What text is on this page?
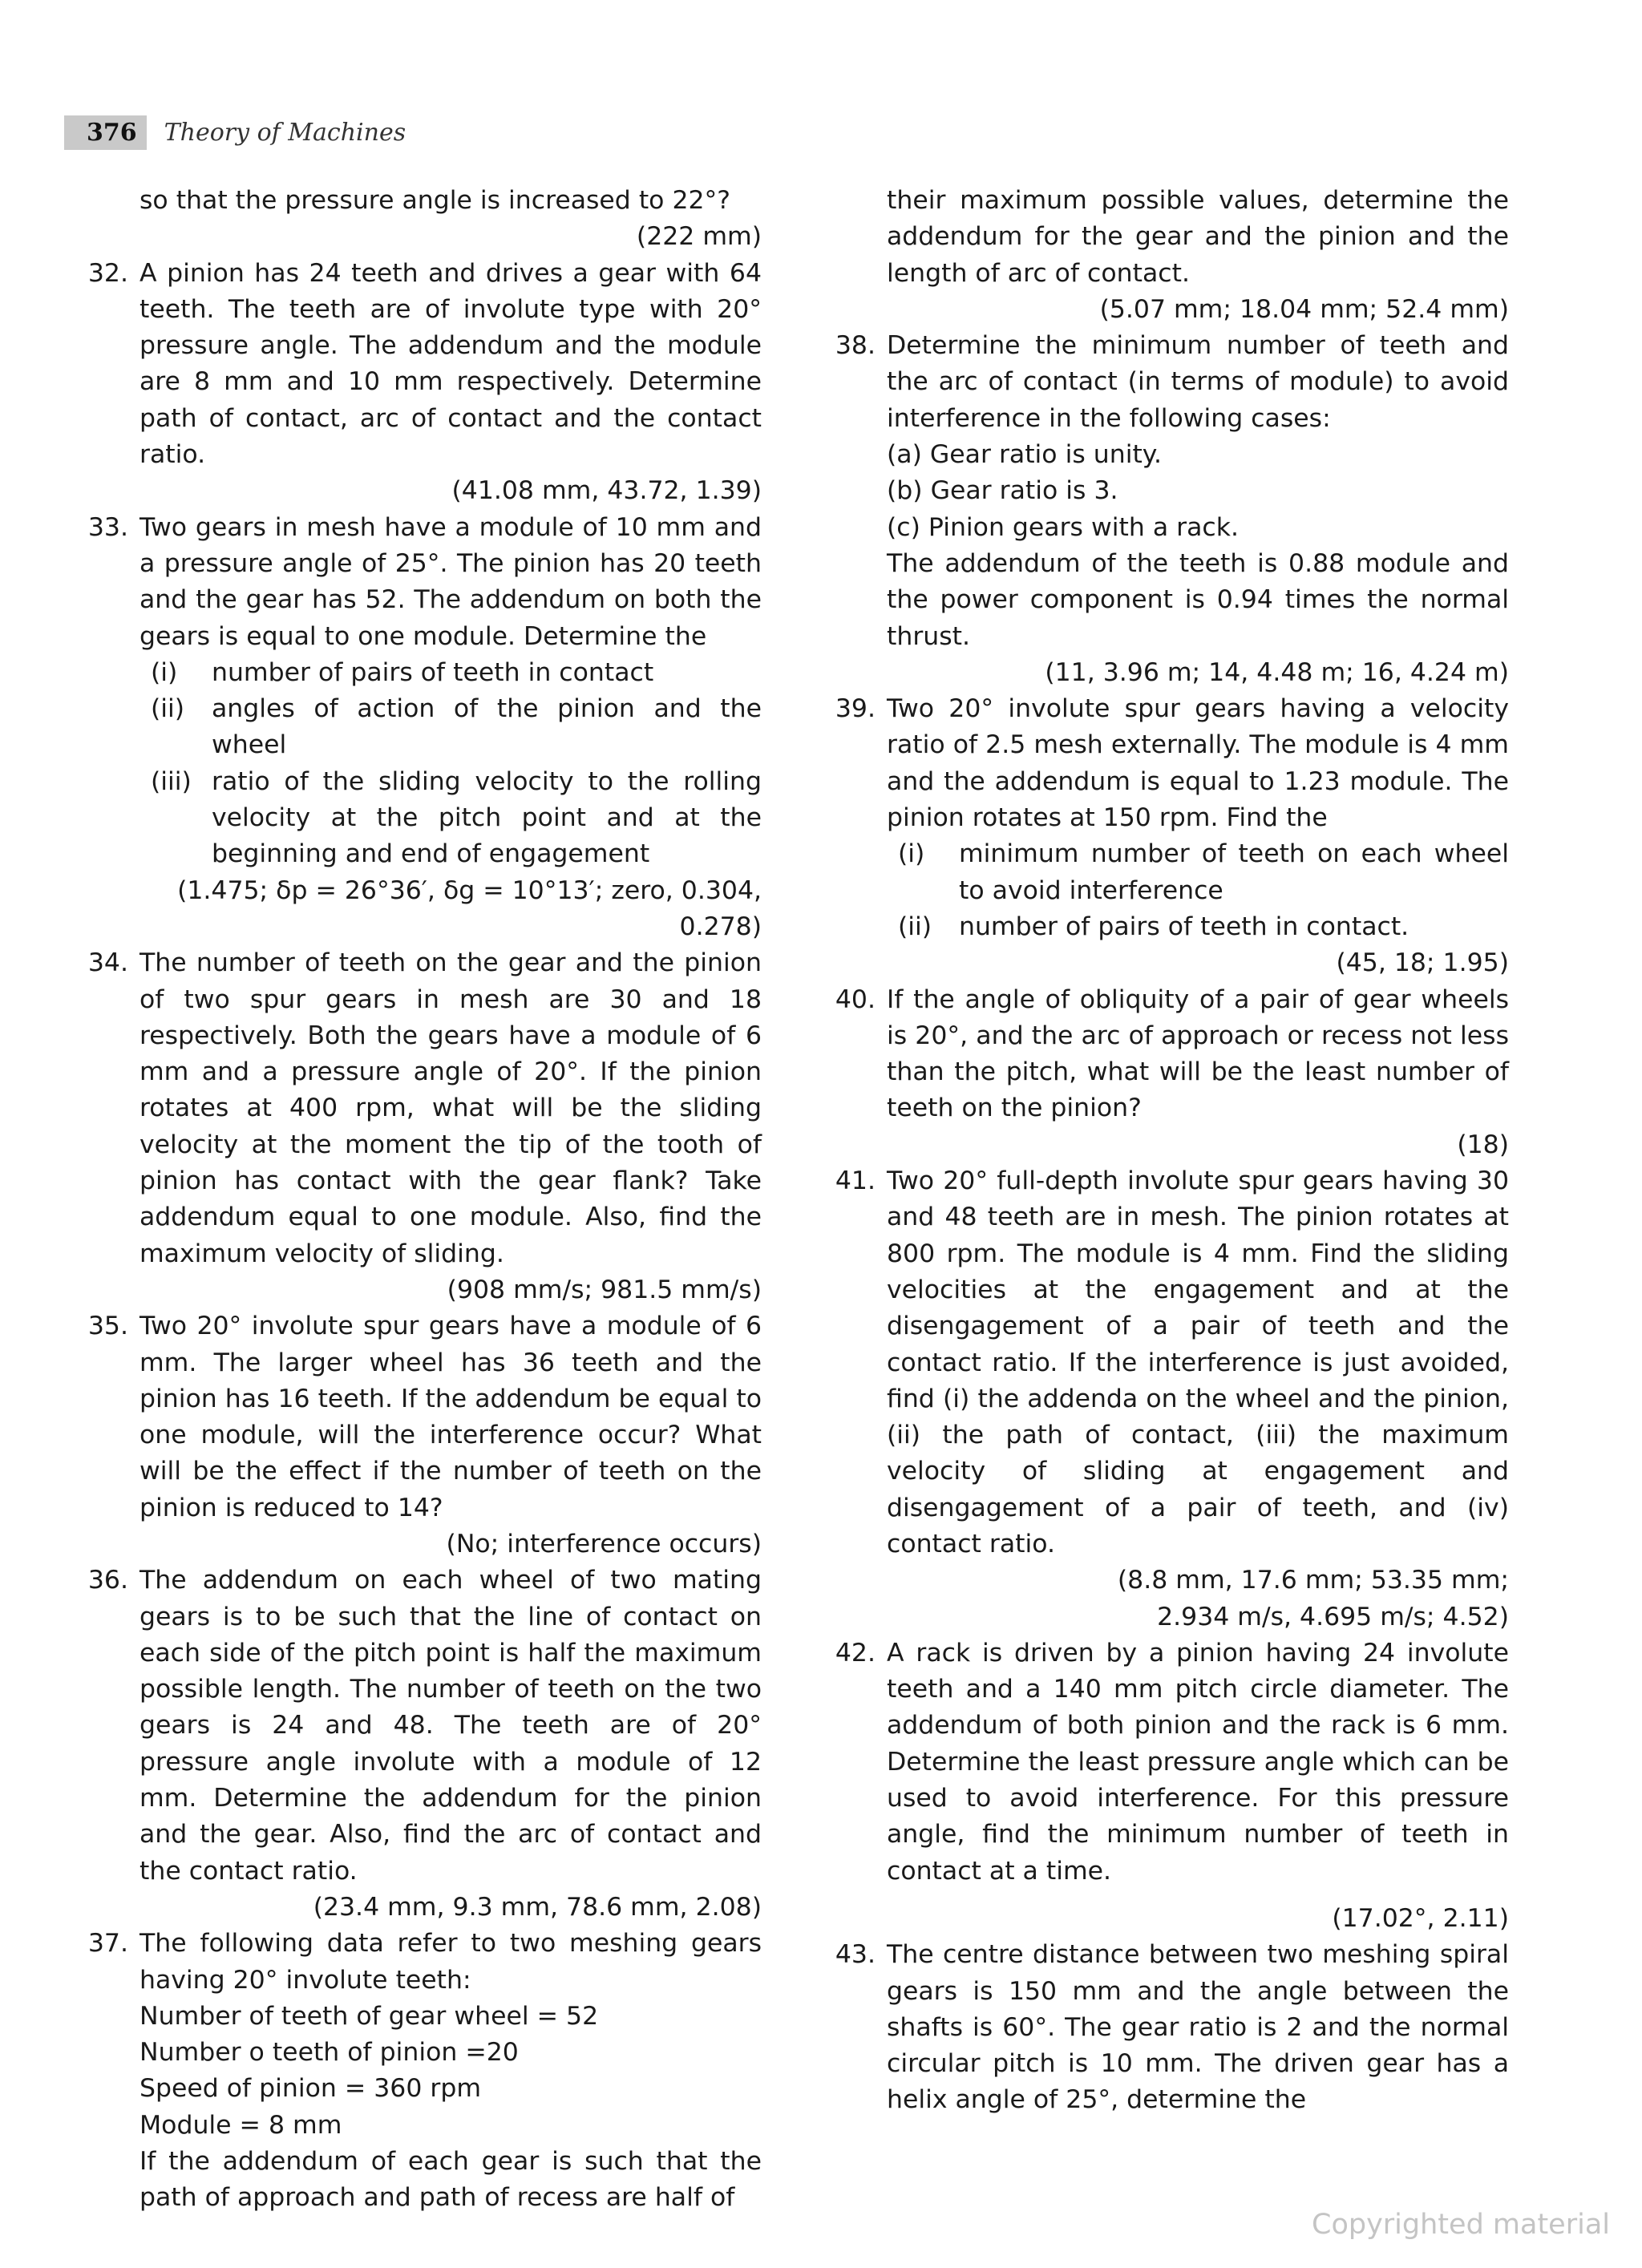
376	Theory of Machines
so that the pressure angle is increased to 22°?
(222 mm)
32. A pinion has 24 teeth and drives a gear with 64 teeth. The teeth are of involute type with 20° pressure angle. The addendum and the module are 8 mm and 10 mm respectively. Determine path of contact, arc of contact and the contact ratio.
(41.08 mm, 43.72, 1.39)
33. Two gears in mesh have a module of 10 mm and a pressure angle of 25°. The pinion has 20 teeth and the gear has 52. The addendum on both the gears is equal to one module. Determine the
(i) number of pairs of teeth in contact
(ii) angles of action of the pinion and the wheel
(iii) ratio of the sliding velocity to the rolling velocity at the pitch point and at the beginning and end of engagement
(1.475; δp = 26°36′, δg = 10°13′; zero, 0.304, 0.278)
34. The number of teeth on the gear and the pinion of two spur gears in mesh are 30 and 18 respectively. Both the gears have a module of 6 mm and a pressure angle of 20°. If the pinion rotates at 400 rpm, what will be the sliding velocity at the moment the tip of the tooth of pinion has contact with the gear flank? Take addendum equal to one module. Also, find the maximum velocity of sliding.
(908 mm/s; 981.5 mm/s)
35. Two 20° involute spur gears have a module of 6 mm. The larger wheel has 36 teeth and the pinion has 16 teeth. If the addendum be equal to one module, will the interference occur? What will be the effect if the number of teeth on the pinion is reduced to 14?
(No; interference occurs)
36. The addendum on each wheel of two mating gears is to be such that the line of contact on each side of the pitch point is half the maximum possible length. The number of teeth on the two gears is 24 and 48. The teeth are of 20° pressure angle involute with a module of 12 mm. Determine the addendum for the pinion and the gear. Also, find the arc of contact and the contact ratio.
(23.4 mm, 9.3 mm, 78.6 mm, 2.08)
37. The following data refer to two meshing gears having 20° involute teeth:
Number of teeth of gear wheel = 52
Number o teeth of pinion =20
Speed of pinion = 360 rpm
Module = 8 mm
If the addendum of each gear is such that the path of approach and path of recess are half of
their maximum possible values, determine the addendum for the gear and the pinion and the length of arc of contact.
(5.07 mm; 18.04 mm; 52.4 mm)
38. Determine the minimum number of teeth and the arc of contact (in terms of module) to avoid interference in the following cases:
(a) Gear ratio is unity.
(b) Gear ratio is 3.
(c) Pinion gears with a rack.
The addendum of the teeth is 0.88 module and the power component is 0.94 times the normal thrust.
(11, 3.96 m; 14, 4.48 m; 16, 4.24 m)
39. Two 20° involute spur gears having a velocity ratio of 2.5 mesh externally. The module is 4 mm and the addendum is equal to 1.23 module. The pinion rotates at 150 rpm. Find the
(i) minimum number of teeth on each wheel to avoid interference
(ii) number of pairs of teeth in contact.
(45, 18; 1.95)
40. If the angle of obliquity of a pair of gear wheels is 20°, and the arc of approach or recess not less than the pitch, what will be the least number of teeth on the pinion?
(18)
41. Two 20° full-depth involute spur gears having 30 and 48 teeth are in mesh. The pinion rotates at 800 rpm. The module is 4 mm. Find the sliding velocities at the engagement and at the disengagement of a pair of teeth and the contact ratio. If the interference is just avoided, find (i) the addenda on the wheel and the pinion, (ii) the path of contact, (iii) the maximum velocity of sliding at engagement and disengagement of a pair of teeth, and (iv) contact ratio.
(8.8 mm, 17.6 mm; 53.35 mm;
2.934 m/s, 4.695 m/s; 4.52)
42. A rack is driven by a pinion having 24 involute teeth and a 140 mm pitch circle diameter. The addendum of both pinion and the rack is 6 mm. Determine the least pressure angle which can be used to avoid interference. For this pressure angle, find the minimum number of teeth in contact at a time.
(17.02°, 2.11)
43. The centre distance between two meshing spiral gears is 150 mm and the angle between the shafts is 60°. The gear ratio is 2 and the normal circular pitch is 10 mm. The driven gear has a helix angle of 25°, determine the
Copyrighted material
